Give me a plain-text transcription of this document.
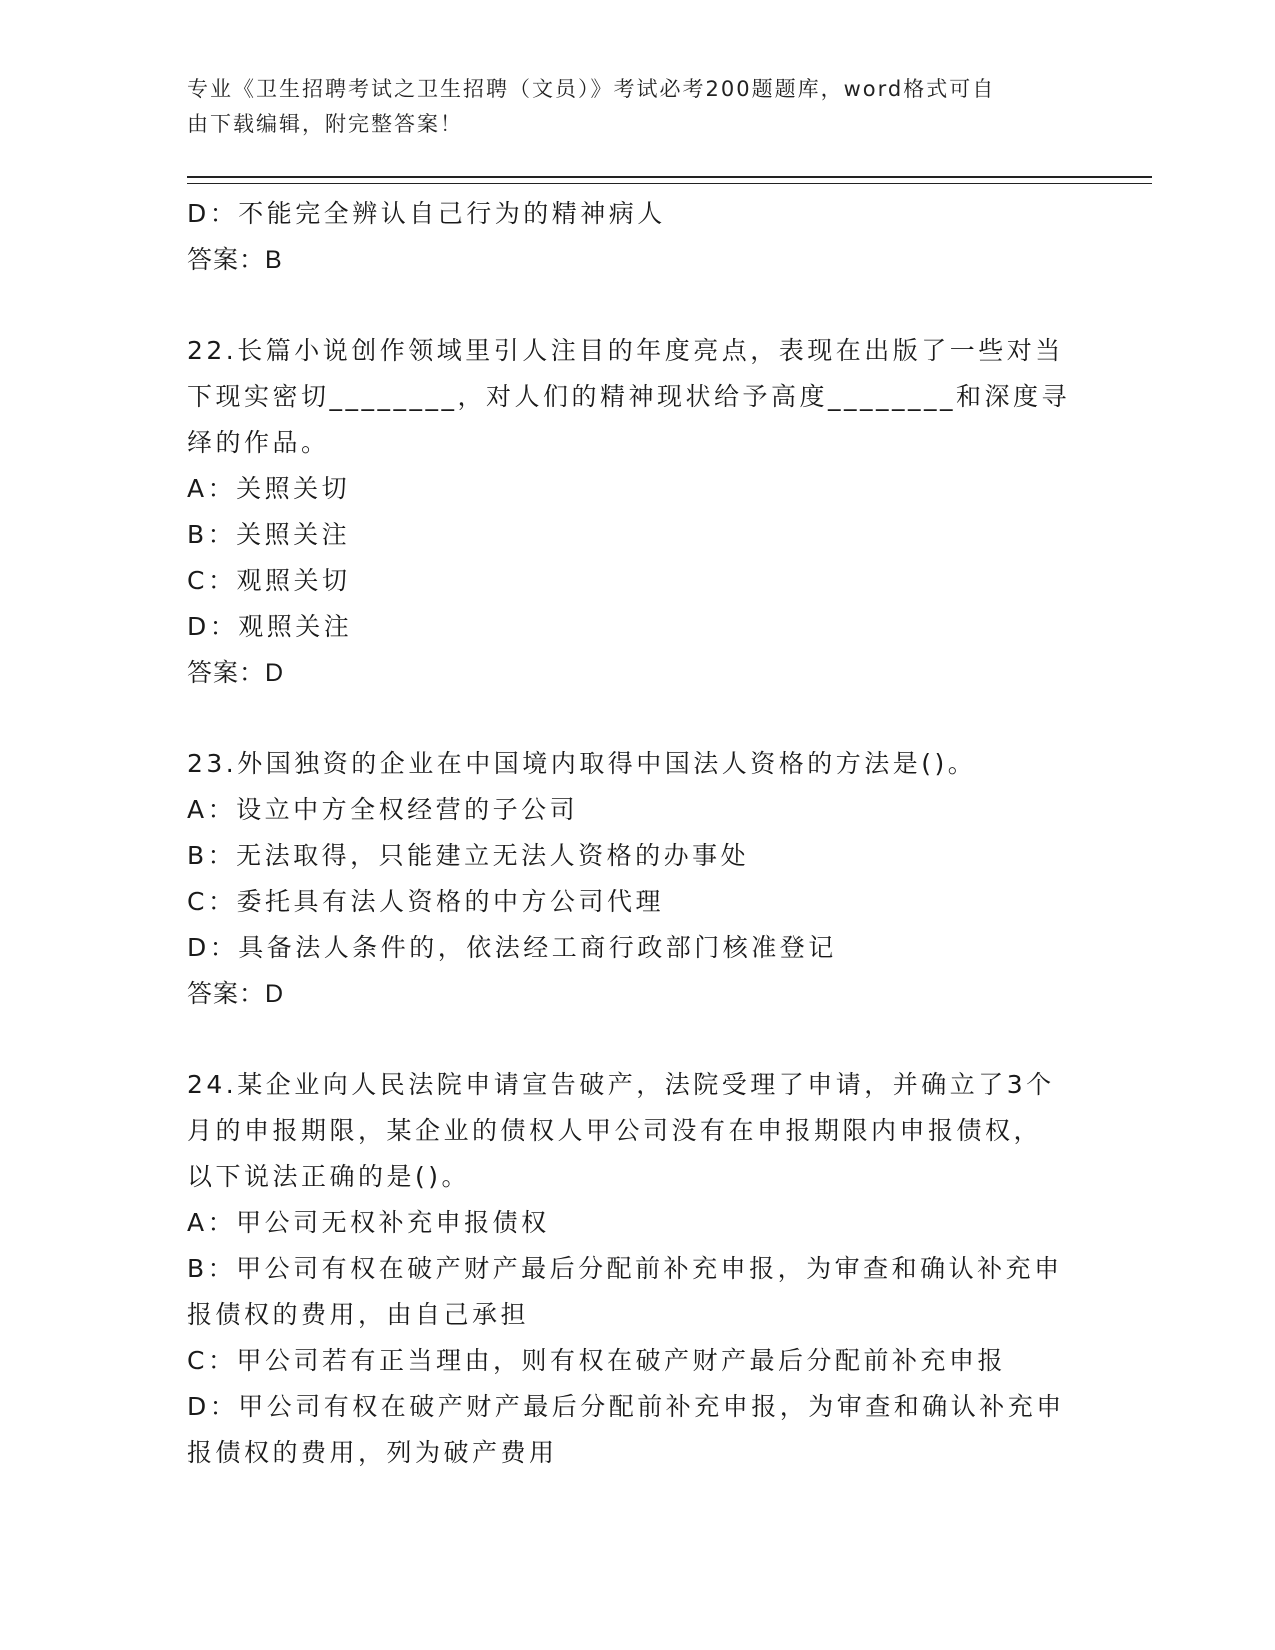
专业《卫生招聘考试之卫生招聘（文员）》考试必考200题题库，word格式可自
由下载编辑，附完整答案！
D：不能完全辨认自己行为的精神病人
答案：B
22.长篇小说创作领域里引人注目的年度亮点，表现在出版了一些对当
下现实密切________，对人们的精神现状给予高度________和深度寻
绎的作品。
A：关照关切
B：关照关注
C：观照关切
D：观照关注
答案：D
23.外国独资的企业在中国境内取得中国法人资格的方法是()。
A：设立中方全权经营的子公司
B：无法取得，只能建立无法人资格的办事处
C：委托具有法人资格的中方公司代理
D：具备法人条件的，依法经工商行政部门核准登记
答案：D
24.某企业向人民法院申请宣告破产，法院受理了申请，并确立了3个
月的申报期限，某企业的债权人甲公司没有在申报期限内申报债权，
以下说法正确的是()。
A：甲公司无权补充申报债权
B：甲公司有权在破产财产最后分配前补充申报，为审查和确认补充申
报债权的费用，由自己承担
C：甲公司若有正当理由，则有权在破产财产最后分配前补充申报
D：甲公司有权在破产财产最后分配前补充申报，为审查和确认补充申
报债权的费用，列为破产费用
